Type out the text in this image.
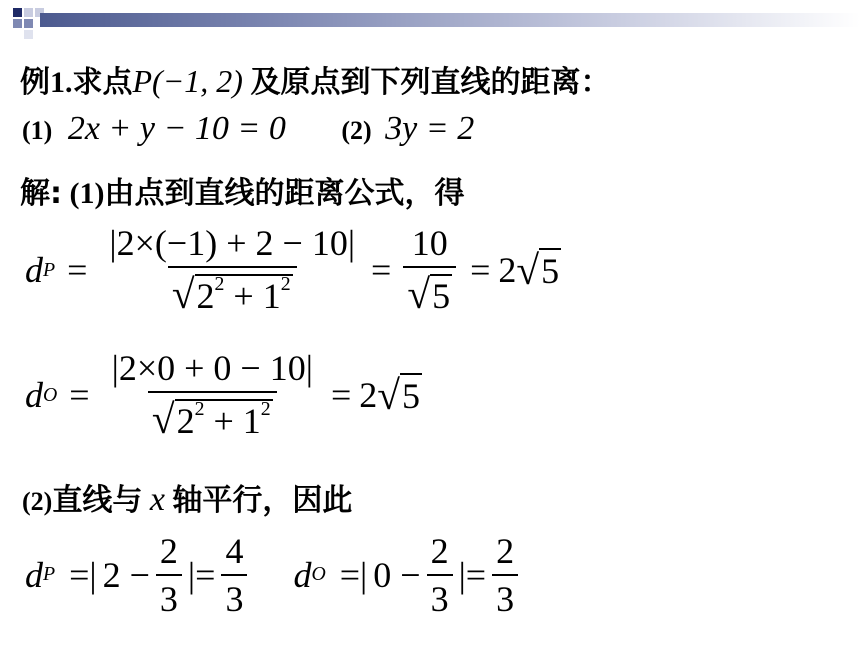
例1.求点P(−1, 2) 及原点到下列直线的距离：
(1) 2x + y − 10 = 0 (2) 3y = 2
解: (1)由点到直线的距离公式，得
d $P = \frac{|2\times(-1) + 2 - 10|}{√2^2 + 1^2} = \frac{10}{√5} = 2$ √ 5
d $O = \frac{|2\times 0 + 0 - 10|}{√2^2 + 1^2} = 2$ √ 5
(2)直线与 x 轴平行，因此
d P =| $2 - \frac{2}{3}$ |= $\frac{4}{3}$ d O =| $0 - \frac{2}{3}$ |= $\frac{2}{3}$
